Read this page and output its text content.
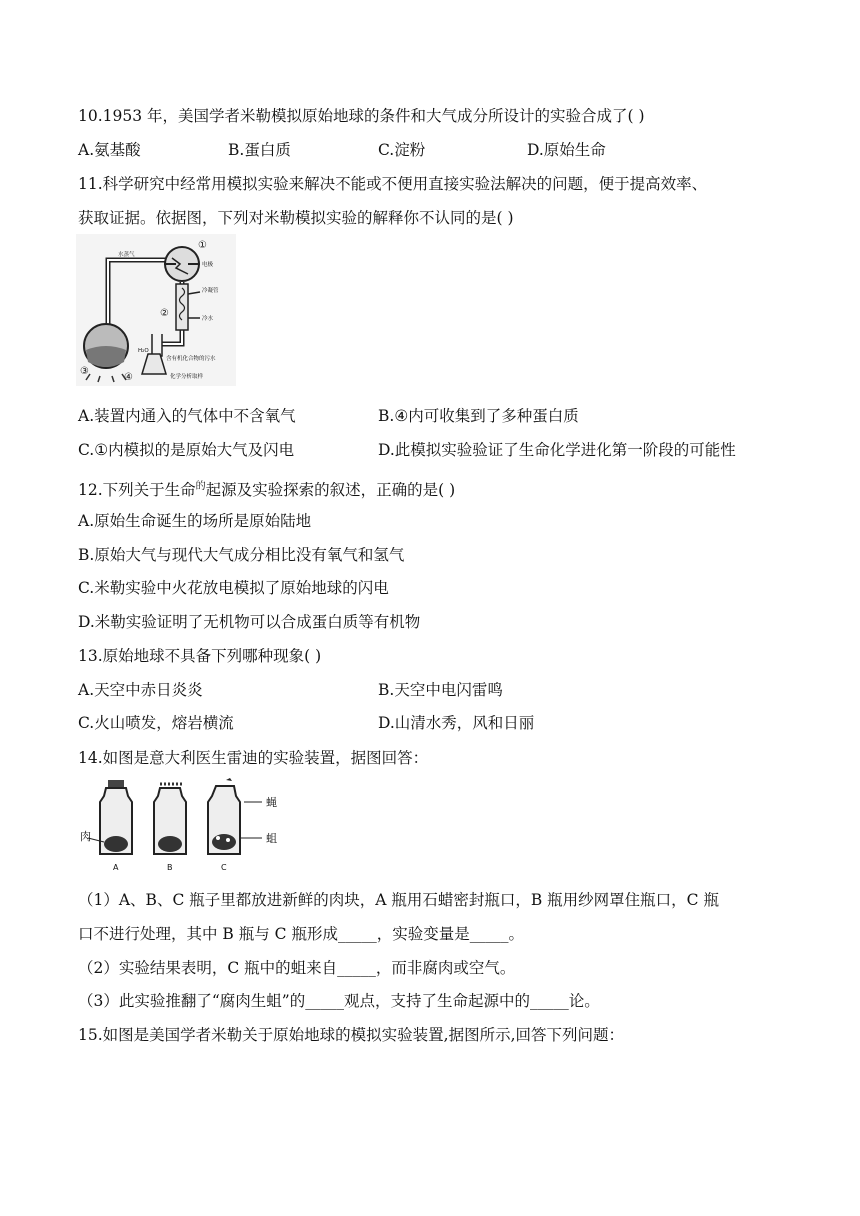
10.1953 年，美国学者米勒模拟原始地球的条件和大气成分所设计的实验合成了( )
A.氨基酸	B.蛋白质	C.淀粉	D.原始生命
11.科学研究中经常用模拟实验来解决不能或不便用直接实验法解决的问题，便于提高效率、
获取证据。依据图，下列对米勒模拟实验的解释你不认同的是( )
①
②
③
④
水蒸气
电极
冷凝管
冷水
H₂O
含有机化合物的污水
化学分析取样
A.装置内通入的气体中不含氧气	B.④内可收集到了多种蛋白质
C.①内模拟的是原始大气及闪电	D.此模拟实验验证了生命化学进化第一阶段的可能性
12.下列关于生命$^的$起源及实验探索的叙述，正确的是( )
A.原始生命诞生的场所是原始陆地
B.原始大气与现代大气成分相比没有氧气和氢气
C.米勒实验中火花放电模拟了原始地球的闪电
D.米勒实验证明了无机物可以合成蛋白质等有机物
13.原始地球不具备下列哪种现象( )
A.天空中赤日炎炎	B.天空中电闪雷鸣
C.火山喷发，熔岩横流	D.山清水秀，风和日丽
14.如图是意大利医生雷迪的实验装置，据图回答：
肉
蝇
蛆
A	B	C
（1）A、B、C 瓶子里都放进新鲜的肉块，A 瓶用石蜡密封瓶口，B 瓶用纱网罩住瓶口，C 瓶
口不进行处理，其中 B 瓶与 C 瓶形成_____，实验变量是_____。
（2）实验结果表明，C 瓶中的蛆来自_____，而非腐肉或空气。
（3）此实验推翻了“腐肉生蛆”的_____观点，支持了生命起源中的_____论。
15.如图是美国学者米勒关于原始地球的模拟实验装置,据图所示,回答下列问题：
